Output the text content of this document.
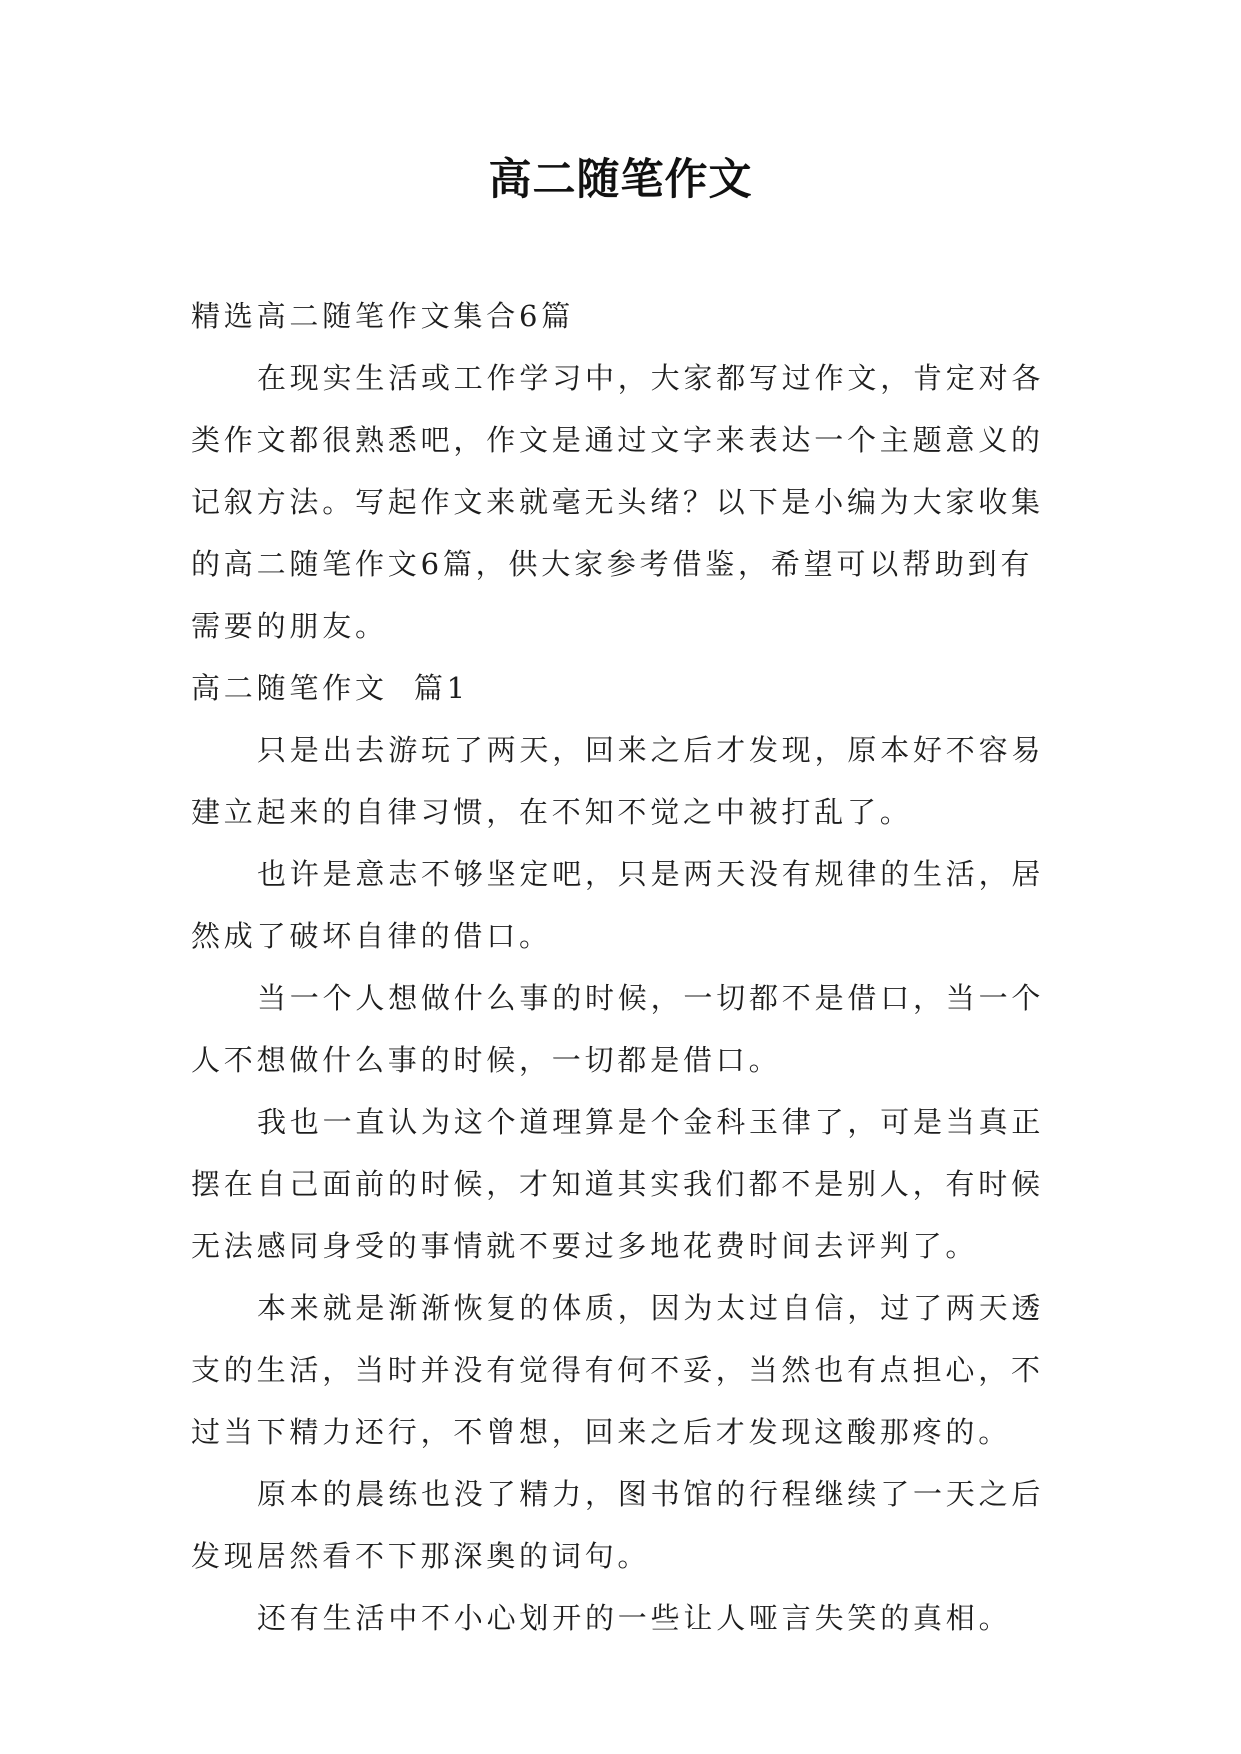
高二随笔作文
精选高二随笔作文集合6篇
在现实生活或工作学习中，大家都写过作文，肯定对各
类作文都很熟悉吧，作文是通过文字来表达一个主题意义的
记叙方法。写起作文来就毫无头绪？以下是小编为大家收集
的高二随笔作文6篇，供大家参考借鉴，希望可以帮助到有
需要的朋友。
高二随笔作文  篇1
只是出去游玩了两天，回来之后才发现，原本好不容易
建立起来的自律习惯，在不知不觉之中被打乱了。
也许是意志不够坚定吧，只是两天没有规律的生活，居
然成了破坏自律的借口。
当一个人想做什么事的时候，一切都不是借口，当一个
人不想做什么事的时候，一切都是借口。
我也一直认为这个道理算是个金科玉律了，可是当真正
摆在自己面前的时候，才知道其实我们都不是别人，有时候
无法感同身受的事情就不要过多地花费时间去评判了。
本来就是渐渐恢复的体质，因为太过自信，过了两天透
支的生活，当时并没有觉得有何不妥，当然也有点担心，不
过当下精力还行，不曾想，回来之后才发现这酸那疼的。
原本的晨练也没了精力，图书馆的行程继续了一天之后
发现居然看不下那深奥的词句。
还有生活中不小心划开的一些让人哑言失笑的真相。
